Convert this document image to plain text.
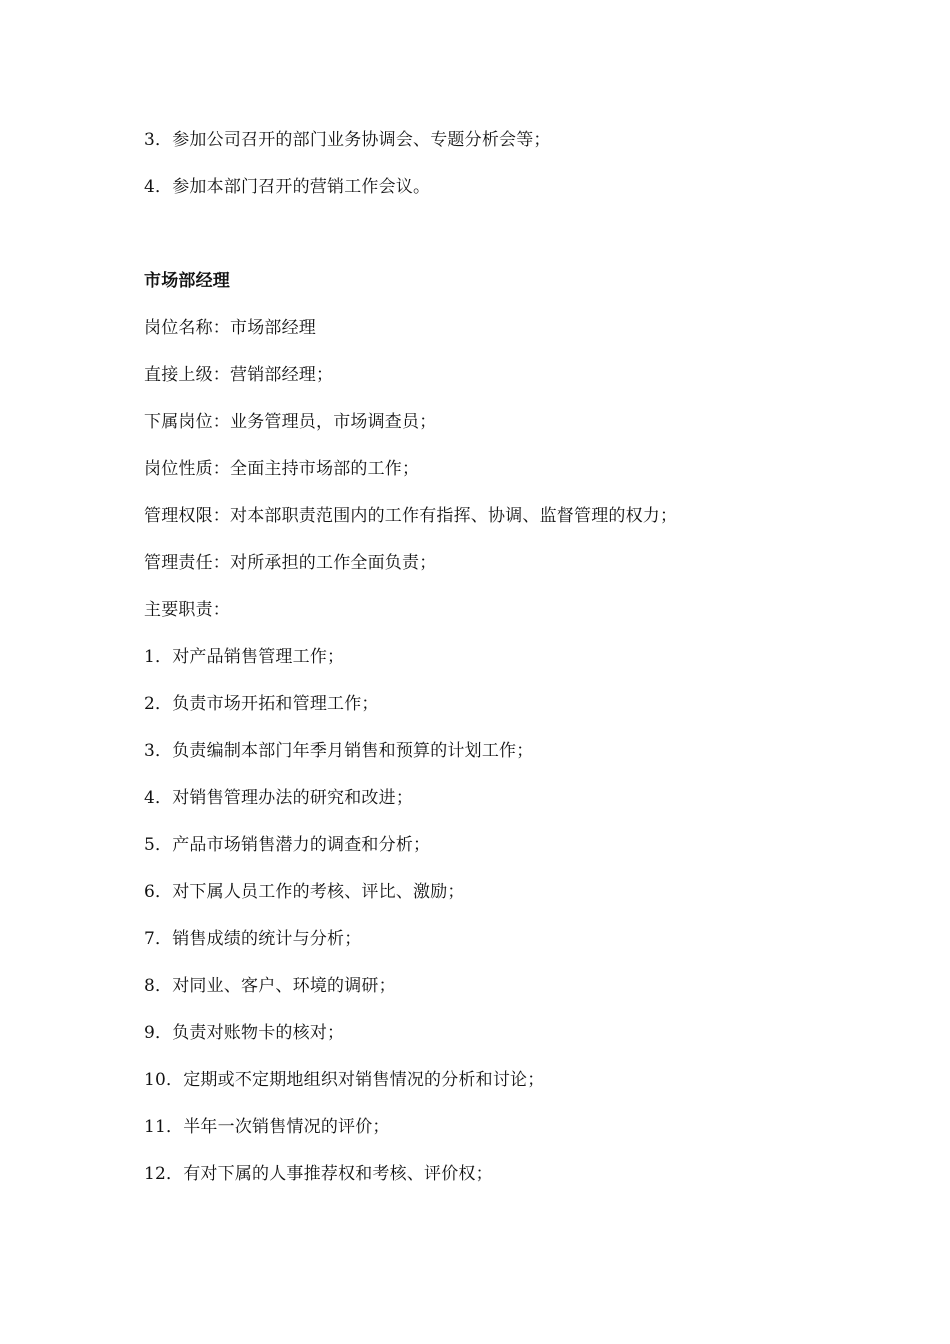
3．参加公司召开的部门业务协调会、专题分析会等；
4．参加本部门召开的营销工作会议。
市场部经理
岗位名称：市场部经理
直接上级：营销部经理；
下属岗位：业务管理员，市场调查员；
岗位性质：全面主持市场部的工作；
管理权限：对本部职责范围内的工作有指挥、协调、监督管理的权力；
管理责任：对所承担的工作全面负责；
主要职责：
1．对产品销售管理工作；
2．负责市场开拓和管理工作；
3．负责编制本部门年季月销售和预算的计划工作；
4．对销售管理办法的研究和改进；
5．产品市场销售潜力的调查和分析；
6．对下属人员工作的考核、评比、激励；
7．销售成绩的统计与分析；
8．对同业、客户、环境的调研；
9．负责对账物卡的核对；
10．定期或不定期地组织对销售情况的分析和讨论；
11．半年一次销售情况的评价；
12．有对下属的人事推荐权和考核、评价权；
